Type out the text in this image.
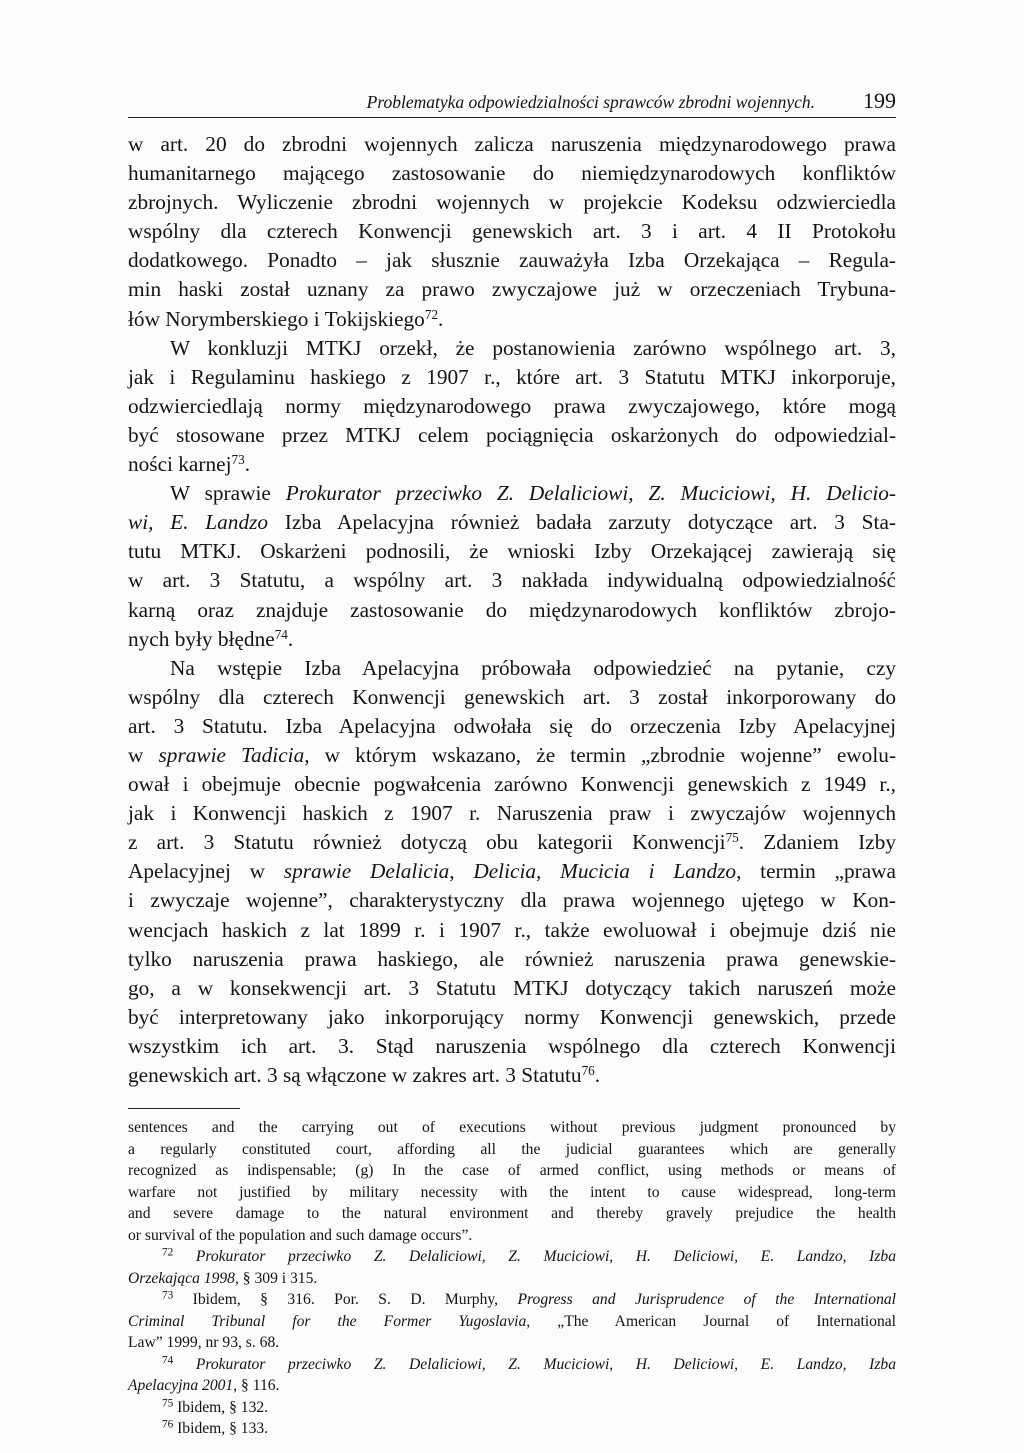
Problematyka odpowiedzialności sprawców zbrodni wojennych. 199

w art. 20 do zbrodni wojennych zalicza naruszenia międzynarodowego prawa
humanitarnego mającego zastosowanie do niemiędzynarodowych konfliktów
zbrojnych. Wyliczenie zbrodni wojennych w projekcie Kodeksu odzwierciedla
wspólny dla czterech Konwencji genewskich art. 3 i art. 4 II Protokołu
dodatkowego. Ponadto – jak słusznie zauważyła Izba Orzekająca – Regula-
min haski został uznany za prawo zwyczajowe już w orzeczeniach Trybuna-
łów Norymberskiego i Tokijskiego$^{72}$.

W konkluzji MTKJ orzekł, że postanowienia zarówno wspólnego art. 3,
jak i Regulaminu haskiego z 1907 r., które art. 3 Statutu MTKJ inkorporuje,
odzwierciedlają normy międzynarodowego prawa zwyczajowego, które mogą
być stosowane przez MTKJ celem pociągnięcia oskarżonych do odpowiedzial-
ności karnej$^{73}$.

W sprawie Prokurator przeciwko Z. Delaliciowi, Z. Muciciowi, H. Delicio-
wi, E. Landzo Izba Apelacyjna również badała zarzuty dotyczące art. 3 Sta-
tutu MTKJ. Oskarżeni podnosili, że wnioski Izby Orzekającej zawierają się
w art. 3 Statutu, a wspólny art. 3 nakłada indywidualną odpowiedzialność
karną oraz znajduje zastosowanie do międzynarodowych konfliktów zbrojo-
nych były błędne$^{74}$.

Na wstępie Izba Apelacyjna próbowała odpowiedzieć na pytanie, czy
wspólny dla czterech Konwencji genewskich art. 3 został inkorporowany do
art. 3 Statutu. Izba Apelacyjna odwołała się do orzeczenia Izby Apelacyjnej
w sprawie Tadicia, w którym wskazano, że termin „zbrodnie wojenne” ewolu-
ował i obejmuje obecnie pogwałcenia zarówno Konwencji genewskich z 1949 r.,
jak i Konwencji haskich z 1907 r. Naruszenia praw i zwyczajów wojennych
z art. 3 Statutu również dotyczą obu kategorii Konwencji$^{75}$. Zdaniem Izby
Apelacyjnej w sprawie Delalicia, Delicia, Mucicia i Landzo, termin „prawa
i zwyczaje wojenne”, charakterystyczny dla prawa wojennego ujętego w Kon-
wencjach haskich z lat 1899 r. i 1907 r., także ewoluował i obejmuje dziś nie
tylko naruszenia prawa haskiego, ale również naruszenia prawa genewskie-
go, a w konsekwencji art. 3 Statutu MTKJ dotyczący takich naruszeń może
być interpretowany jako inkorporujący normy Konwencji genewskich, przede
wszystkim ich art. 3. Stąd naruszenia wspólnego dla czterech Konwencji
genewskich art. 3 są włączone w zakres art. 3 Statutu$^{76}$.

sentences and the carrying out of executions without previous judgment pronounced by
a regularly constituted court, affording all the judicial guarantees which are generally
recognized as indispensable; (g) In the case of armed conflict, using methods or means of
warfare not justified by military necessity with the intent to cause widespread, long-term
and severe damage to the natural environment and thereby gravely prejudice the health
or survival of the population and such damage occurs”.

$^{72}$ Prokurator przeciwko Z. Delaliciowi, Z. Muciciowi, H. Deliciowi, E. Landzo, Izba
Orzekająca 1998, § 309 i 315.

$^{73}$ Ibidem, § 316. Por. S. D. Murphy, Progress and Jurisprudence of the International
Criminal Tribunal for the Former Yugoslavia, „The American Journal of International
Law” 1999, nr 93, s. 68.

$^{74}$ Prokurator przeciwko Z. Delaliciowi, Z. Muciciowi, H. Deliciowi, E. Landzo, Izba
Apelacyjna 2001, § 116.

$^{75}$ Ibidem, § 132.

$^{76}$ Ibidem, § 133.
